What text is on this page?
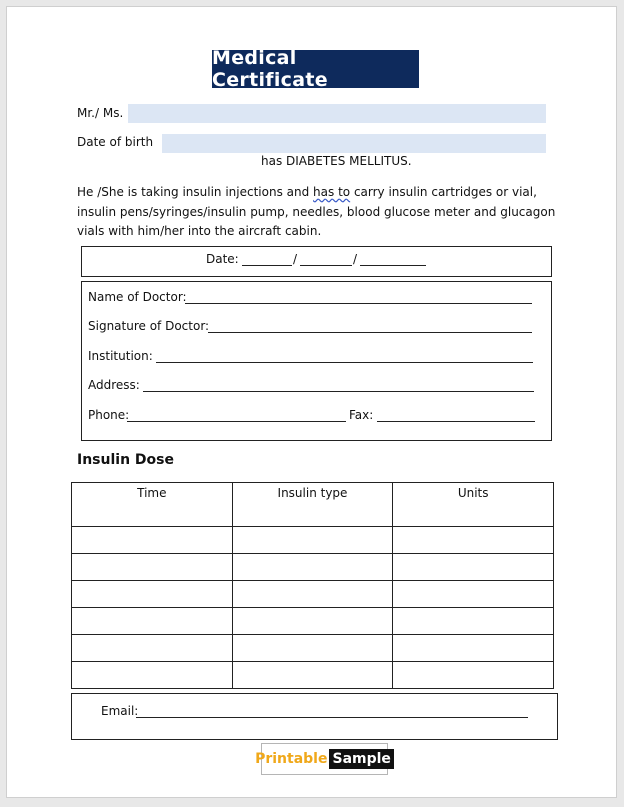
Medical Certificate
Mr./ Ms.
Date of birth
has DIABETES MELLITUS.
He /She is taking insulin injections and has to carry insulin cartridges or vial, insulin pens/syringes/insulin pump, needles, blood glucose meter and glucagon vials with him/her into the aircraft cabin.
Date:	/	/
Name of Doctor:
Signature of Doctor:
Institution:
Address:
Phone:	Fax:
Insulin Dose
Time	Insulin type	Units

Email:
Printable Sample
